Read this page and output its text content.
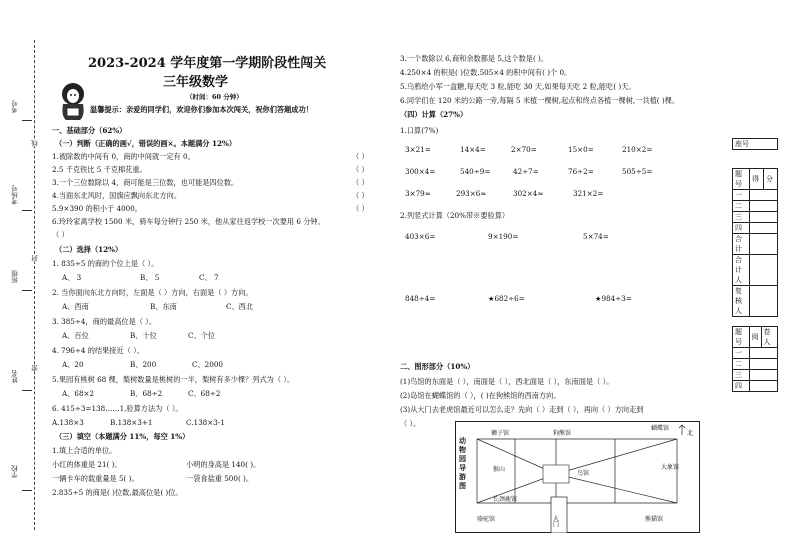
考号
考场号
班级
姓名
学校
线
封
密
2023-2024 学年度第一学期阶段性闯关
三年级数学
（时间：60 分钟）
温馨提示：亲爱的同学们，欢迎你们参加本次闯关，祝你们答题成功！
一、基础部分（62%）
（一）判断（正确的画√，错误的画×。本题满分 12%）
1.被除数的中间有 0，商的中间就一定有 0。	（ ）
2.5 千克铁比 5 千克棉花重。	（ ）
3.一个三位数除以 4，商可能是三位数，也可能是四位数。	（ ）
4.当面东北风时，国旗应飘向东北方向。	（ ）
5.9×390 的积小于 4000。	（ ）
6.玲玲家离学校 1500 米，骑车每分钟行 250 米，他从家往返学校一次要用 6 分钟。
（ ）
（二）选择（12%）
1. 835÷5 的商的个位上是（ ）。
A、 3	B、 5	C、 7
2. 当你面向东北方向时，左面是（ ）方向，右面是（ ）方向。
A、西南	B、东南	C、西北
3. 385÷4，商的最高位是（ ）。
A、百位	B、十位	C、个位
4. 796÷4 的结果接近（ ）。
A、20	B、200	C、2000
5.果园有桃树 68 棵，梨树数量是桃树的一半，梨树有多少棵？列式为（ ）。
A、68×2	B、68÷2	C、68÷2
6. 415÷3=138……1,验算方法为（ ）。
A.138×3	B.138×3+1	C.138×3-1
（三）填空（本题满分 11%，每空 1%）
1.填上合适的单位。
小红的体重是 21( )。	小明的身高是 140( )。
一辆卡车的载重量是 5( )。	一袋食盐重 500( )。
2.835÷5 的商是( )位数,最高位是( )位。
3.一个数除以 6,商和余数都是 5,这个数是( )。
4.250×4 的积是( )位数,505×4 的积中间有( )个 0。
5.乌鸦给小军一盒糖,每天吃 3 粒,能吃 30 天,如果每天吃 2 粒,能吃( )天。
6.同学们在 120 米的公路一旁,每隔 5 米植一棵树,起点和终点各植一棵树,一共植( )棵。
（四）计算（27%）
1.口算(7%)
3×21=	14×4=	2×70=	15×0=	210×2=
300×4=	540÷9=	42÷7=	76÷2=	505÷5=
3×79≈	293×6≈	302×4≈	321×2=
2.列竖式计算（20%带※要验算）
403×6=	9×190=	5×74=
848÷4=	★682÷6=	★984÷3=
二、图形部分（10%）
(1)鸟馆的东面是（ ），南面是（ ），西北面是（ ），东南面是（ ）。
(2)岛馆在蝴蝶馆的（ ），( )在狗熊馆的西南方向。
(3)从大门去老虎馆最近可以怎么走？先向（ ）走到（ ），再向（ ）方向走到
（ ）。
狮子馆	狗熊馆
蝴蝶馆
猴山
鸟馆
大象馆
骆驼馆	大门
长颈鹿馆
熊猫馆
北
动物园导游图
座号
题号	得	分
一		
二		
三		
四		
合计		
合计人		
复核人		
题号	阅	卷人
一		
二		
三		
四		
